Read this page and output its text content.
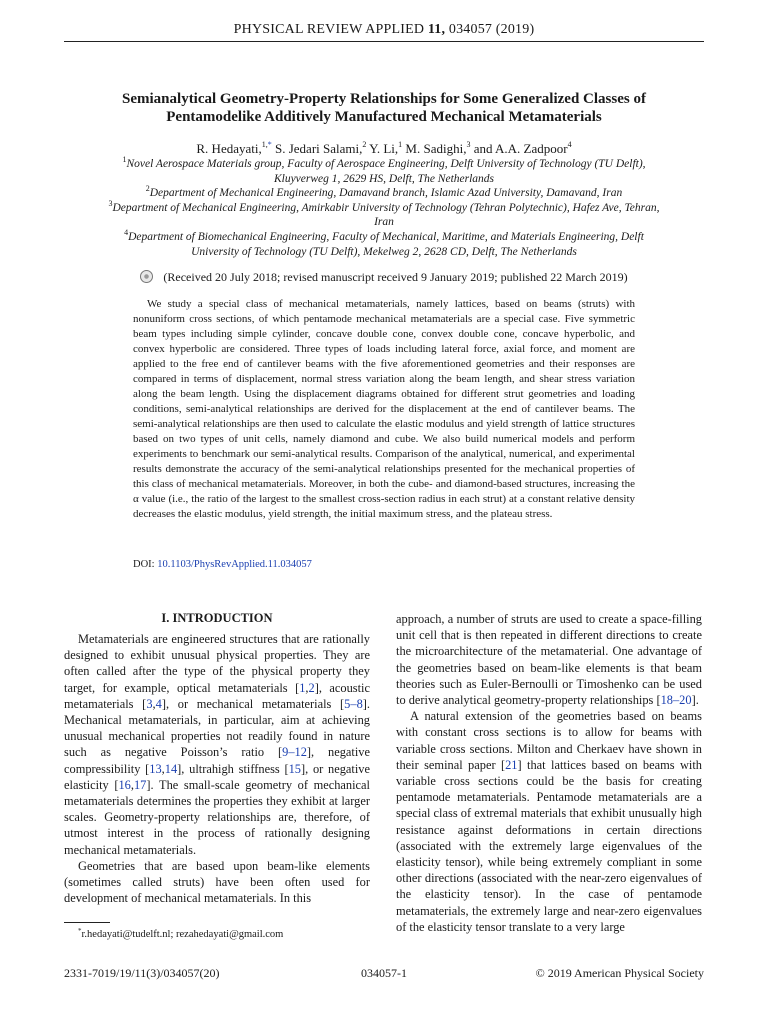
PHYSICAL REVIEW APPLIED 11, 034057 (2019)
Semianalytical Geometry-Property Relationships for Some Generalized Classes of
Pentamodelike Additively Manufactured Mechanical Metamaterials
R. Hedayati,$^{1,*}$ S. Jedari Salami,$^2$ Y. Li,$^1$ M. Sadighi,$^3$ and A.A. Zadpoor$^4$
$^1$Novel Aerospace Materials group, Faculty of Aerospace Engineering, Delft University of Technology (TU Delft), Kluyverweg 1, 2629 HS, Delft, The Netherlands
$^2$Department of Mechanical Engineering, Damavand branch, Islamic Azad University, Damavand, Iran
$^3$Department of Mechanical Engineering, Amirkabir University of Technology (Tehran Polytechnic), Hafez Ave, Tehran, Iran
$^4$Department of Biomechanical Engineering, Faculty of Mechanical, Maritime, and Materials Engineering, Delft University of Technology (TU Delft), Mekelweg 2, 2628 CD, Delft, The Netherlands
(Received 20 July 2018; revised manuscript received 9 January 2019; published 22 March 2019)
We study a special class of mechanical metamaterials, namely lattices, based on beams (struts) with nonuniform cross sections, of which pentamode mechanical metamaterials are a special case. Five symmetric beam types including simple cylinder, concave double cone, convex double cone, concave hyperbolic, and convex hyperbolic are considered. Three types of loads including lateral force, axial force, and moment are applied to the free end of cantilever beams with the five aforementioned geometries and their responses are compared in terms of displacement, normal stress variation along the beam length, and shear stress variation along the beam length. Using the displacement diagrams obtained for different strut geometries and loading conditions, semi-analytical relationships are derived for the displacement at the end of cantilever beams. The semi-analytical relationships are then used to calculate the elastic modulus and yield strength of lattice structures based on two types of unit cells, namely diamond and cube. We also build numerical models and perform experiments to benchmark our semi-analytical results. Comparison of the analytical, numerical, and experimental results demonstrate the accuracy of the semi-analytical relationships presented for the mechanical properties of this class of mechanical metamaterials. Moreover, in both the cube- and diamond-based structures, increasing the α value (i.e., the ratio of the largest to the smallest cross-section radius in each strut) at a constant relative density decreases the elastic modulus, yield strength, the initial maximum stress, and the plateau stress.
DOI: 10.1103/PhysRevApplied.11.034057
I. INTRODUCTION

Metamaterials are engineered structures that are rationally designed to exhibit unusual physical properties. They are often called after the type of the physical property they target, for example, optical metamaterials [1,2], acoustic metamaterials [3,4], or mechanical metamaterials [5–8]. Mechanical metamaterials, in particular, aim at achieving unusual mechanical properties not readily found in nature such as negative Poisson’s ratio [9–12], negative compressibility [13,14], ultrahigh stiffness [15], or negative elasticity [16,17]. The small-scale geometry of mechanical metamaterials determines the properties they exhibit at larger scales. Geometry-property relationships are, therefore, of utmost interest in the process of rationally designing mechanical metamaterials.

Geometries that are based upon beam-like elements (sometimes called struts) have been often used for development of mechanical metamaterials. In this

approach, a number of struts are used to create a space-filling unit cell that is then repeated in different directions to create the microarchitecture of the metamaterial. One advantage of the geometries based on beam-like elements is that beam theories such as Euler-Bernoulli or Timoshenko can be used to derive analytical geometry-property relationships [18–20].

A natural extension of the geometries based on beams with constant cross sections is to allow for beams with variable cross sections. Milton and Cherkaev have shown in their seminal paper [21] that lattices based on beams with variable cross sections could be the basis for creating pentamode metamaterials. Pentamode metamaterials are a special class of extremal materials that exhibit unusually high resistance against deformations in certain directions (associated with the extremely large eigenvalues of the elasticity tensor), while being extremely compliant in some other directions (associated with the near-zero eigenvalues of the elasticity tensor). In the case of pentamode metamaterials, the extremely large and near-zero eigenvalues of the elasticity tensor translate to a very large

*r.hedayati@tudelft.nl; rezahedayati@gmail.com
2331-7019/19/11(3)/034057(20)	034057-1	© 2019 American Physical Society
